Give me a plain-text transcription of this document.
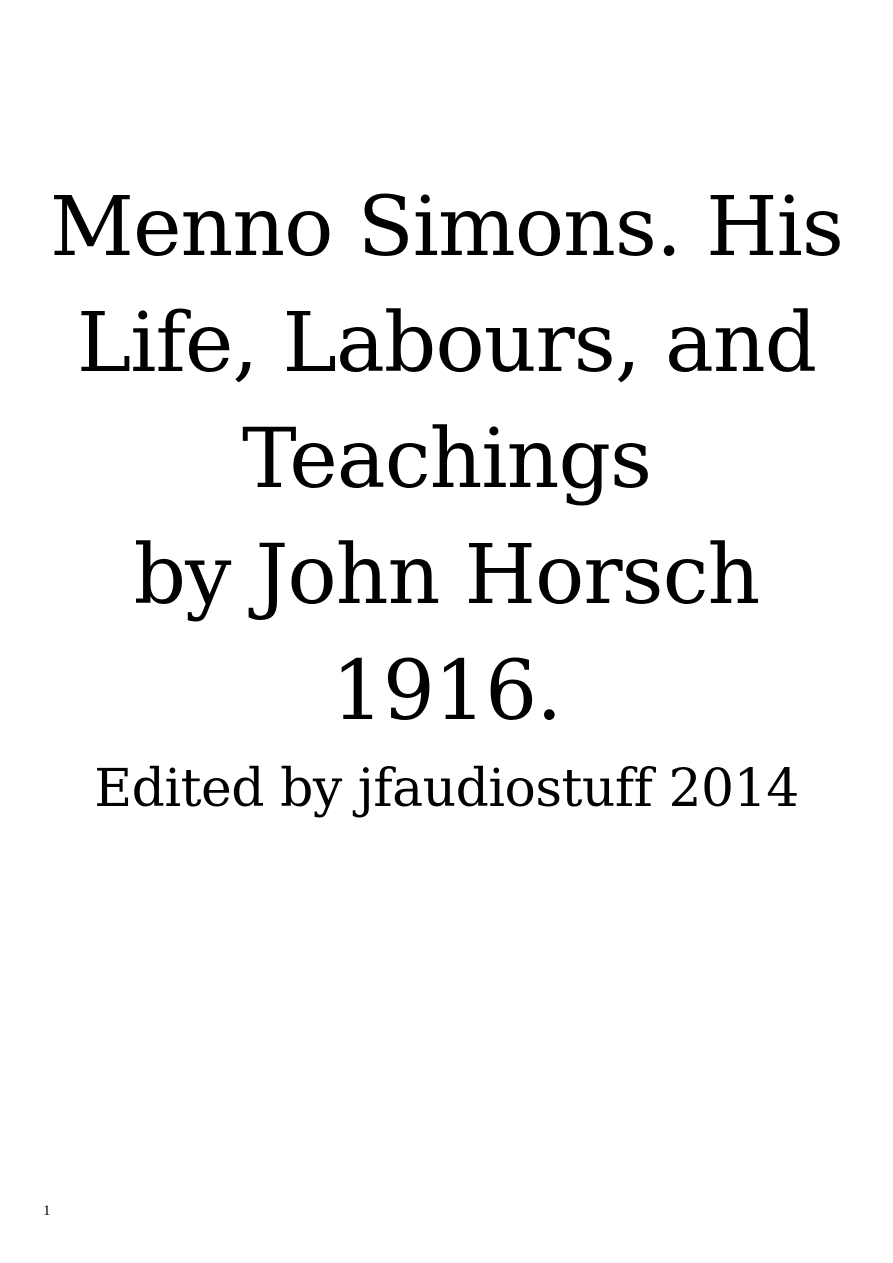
Menno Simons. His
Life, Labours, and
Teachings
by John Horsch
1916.
Edited by jfaudiostuff 2014
1
